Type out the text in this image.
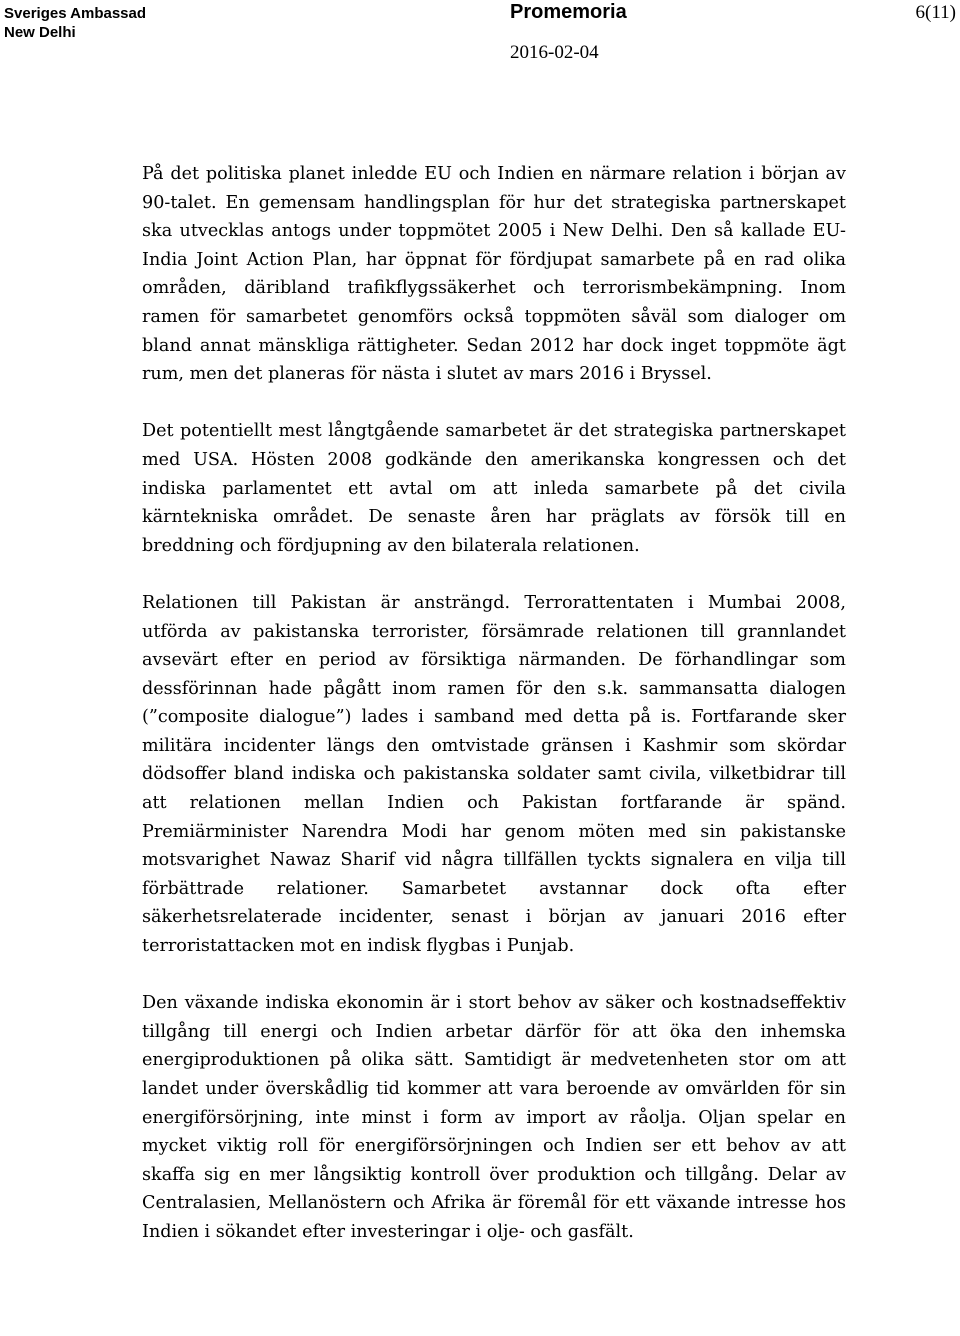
Sveriges Ambassad
New Delhi
Promemoria	6(11)
2016-02-04

På det politiska planet inledde EU och Indien en närmare relation i början av 90-talet. En gemensam handlingsplan för hur det strategiska partnerskapet ska utvecklas antogs under toppmötet 2005 i New Delhi. Den så kallade EU-India Joint Action Plan, har öppnat för fördjupat samarbete på en rad olika områden, däribland trafikflygssäkerhet och terrorismbekämpning. Inom ramen för samarbetet genomförs också toppmöten såväl som dialoger om bland annat mänskliga rättigheter. Sedan 2012 har dock inget toppmöte ägt rum, men det planeras för nästa i slutet av mars 2016 i Bryssel.

Det potentiellt mest långtgående samarbetet är det strategiska partnerskapet med USA. Hösten 2008 godkände den amerikanska kongressen och det indiska parlamentet ett avtal om att inleda samarbete på det civila kärntekniska området. De senaste åren har präglats av försök till en breddning och fördjupning av den bilaterala relationen.

Relationen till Pakistan är ansträngd. Terrorattentaten i Mumbai 2008, utförda av pakistanska terrorister, försämrade relationen till grannlandet avsevärt efter en period av försiktiga närmanden. De förhandlingar som dessförinnan hade pågått inom ramen för den s.k. sammansatta dialogen (”composite dialogue”) lades i samband med detta på is. Fortfarande sker militära incidenter längs den omtvistade gränsen i Kashmir som skördar dödsoffer bland indiska och pakistanska soldater samt civila, vilketbidrar till att relationen mellan Indien och Pakistan fortfarande är spänd. Premiärminister Narendra Modi har genom möten med sin pakistanske motsvarighet Nawaz Sharif vid några tillfällen tyckts signalera en vilja till förbättrade relationer. Samarbetet avstannar dock ofta efter säkerhetsrelaterade incidenter, senast i början av januari 2016 efter terroristattacken mot en indisk flygbas i Punjab.

Den växande indiska ekonomin är i stort behov av säker och kostnadseffektiv tillgång till energi och Indien arbetar därför för att öka den inhemska energiproduktionen på olika sätt. Samtidigt är medvetenheten stor om att landet under överskådlig tid kommer att vara beroende av omvärlden för sin energiförsörjning, inte minst i form av import av råolja. Oljan spelar en mycket viktig roll för energiförsörjningen och Indien ser ett behov av att skaffa sig en mer långsiktig kontroll över produktion och tillgång. Delar av Centralasien, Mellanöstern och Afrika är föremål för ett växande intresse hos Indien i sökandet efter investeringar i olje- och gasfält.
